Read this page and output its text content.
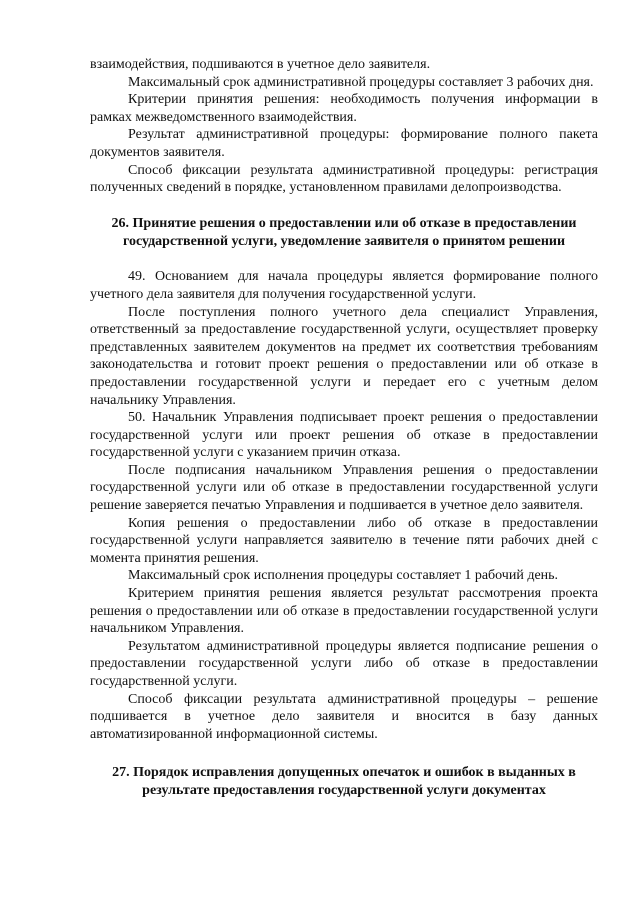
взаимодействия, подшиваются в учетное дело заявителя.

Максимальный срок административной процедуры составляет 3 рабочих дня.

Критерии принятия решения: необходимость получения информации в рамках межведомственного взаимодействия.

Результат административной процедуры: формирование полного пакета документов заявителя.

Способ фиксации результата административной процедуры: регистрация полученных сведений в порядке, установленном правилами делопроизводства.

26. Принятие решения о предоставлении или об отказе в предоставлении государственной услуги, уведомление заявителя о принятом решении

49. Основанием для начала процедуры является формирование полного учетного дела заявителя для получения государственной услуги.

После поступления полного учетного дела специалист Управления, ответственный за предоставление государственной услуги, осуществляет проверку представленных заявителем документов на предмет их соответствия требованиям законодательства и готовит проект решения о предоставлении или об отказе в предоставлении государственной услуги и передает его с учетным делом начальнику Управления.

50. Начальник Управления подписывает проект решения о предоставлении государственной услуги или проект решения об отказе в предоставлении государственной услуги с указанием причин отказа.

После подписания начальником Управления решения о предоставлении государственной услуги или об отказе в предоставлении государственной услуги решение заверяется печатью Управления и подшивается в учетное дело заявителя.

Копия решения о предоставлении либо об отказе в предоставлении государственной услуги направляется заявителю в течение пяти рабочих дней с момента принятия решения.

Максимальный срок исполнения процедуры составляет 1 рабочий день.

Критерием принятия решения является результат рассмотрения проекта решения о предоставлении или об отказе в предоставлении государственной услуги начальником Управления.

Результатом административной процедуры является подписание решения о предоставлении государственной услуги либо об отказе в предоставлении государственной услуги.

Способ фиксации результата административной процедуры – решение подшивается в учетное дело заявителя и вносится в базу данных автоматизированной информационной системы.

27. Порядок исправления допущенных опечаток и ошибок в выданных в результате предоставления государственной услуги документах
